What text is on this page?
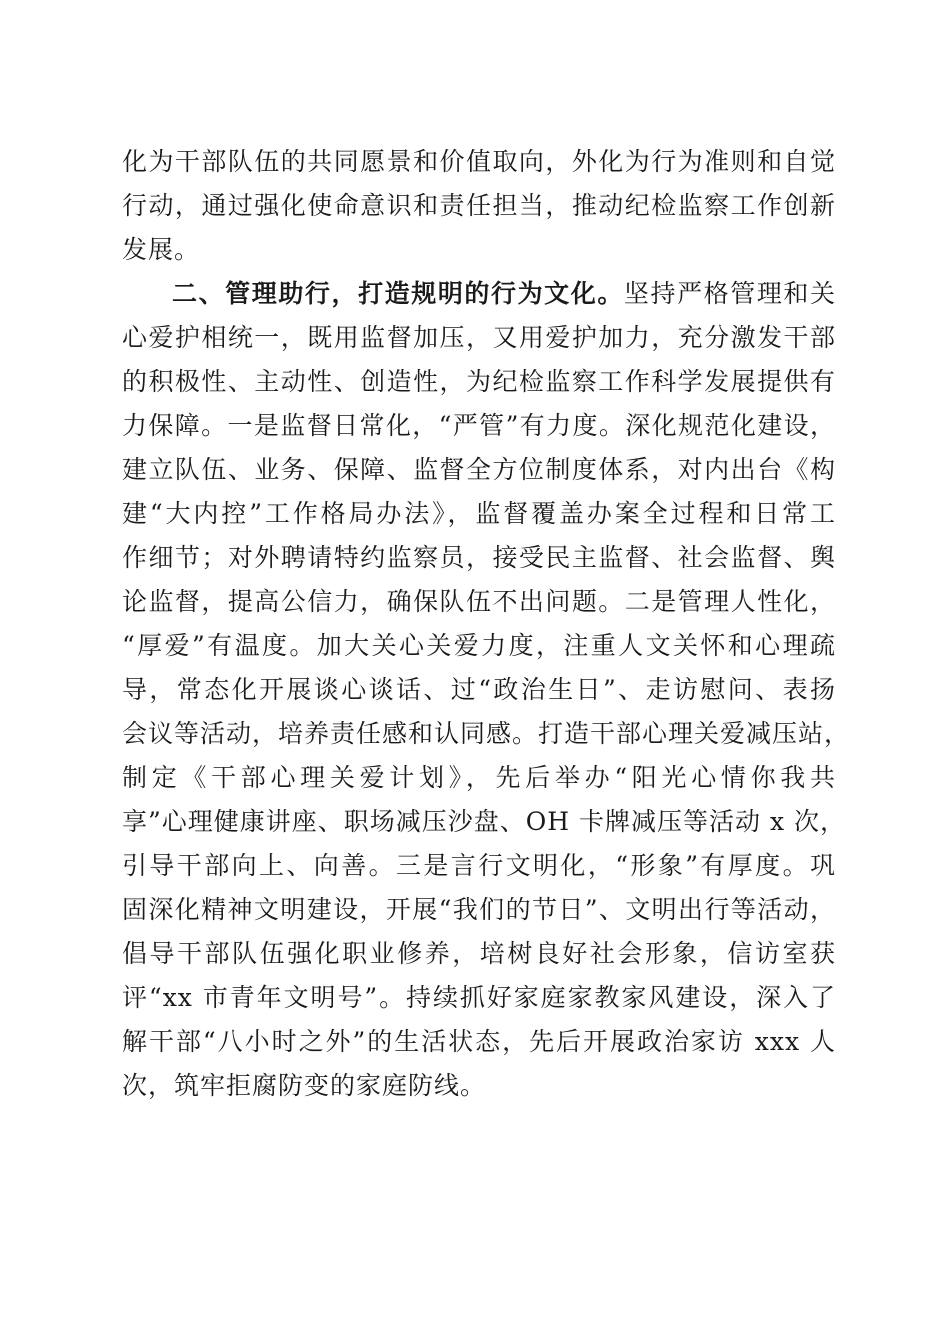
化为干部队伍的共同愿景和价值取向，外化为行为准则和自觉
行动，通过强化使命意识和责任担当，推动纪检监察工作创新
发展。
二、管理助行，打造规明的行为文化。坚持严格管理和关
心爱护相统一，既用监督加压，又用爱护加力，充分激发干部
的积极性、主动性、创造性，为纪检监察工作科学发展提供有
力保障。一是监督日常化，“严管”有力度。深化规范化建设，
建立队伍、业务、保障、监督全方位制度体系，对内出台《构
建“大内控”工作格局办法》，监督覆盖办案全过程和日常工
作细节；对外聘请特约监察员，接受民主监督、社会监督、舆
论监督，提高公信力，确保队伍不出问题。二是管理人性化，
“厚爱”有温度。加大关心关爱力度，注重人文关怀和心理疏
导，常态化开展谈心谈话、过“政治生日”、走访慰问、表扬
会议等活动，培养责任感和认同感。打造干部心理关爱减压站，
制定《干部心理关爱计划》，先后举办“阳光心情你我共
享”心理健康讲座、职场减压沙盘、OH 卡牌减压等活动 x 次，
引导干部向上、向善。三是言行文明化，“形象”有厚度。巩
固深化精神文明建设，开展“我们的节日”、文明出行等活动，
倡导干部队伍强化职业修养，培树良好社会形象，信访室获
评“xx 市青年文明号”。持续抓好家庭家教家风建设，深入了
解干部“八小时之外”的生活状态，先后开展政治家访 xxx 人
次，筑牢拒腐防变的家庭防线。
